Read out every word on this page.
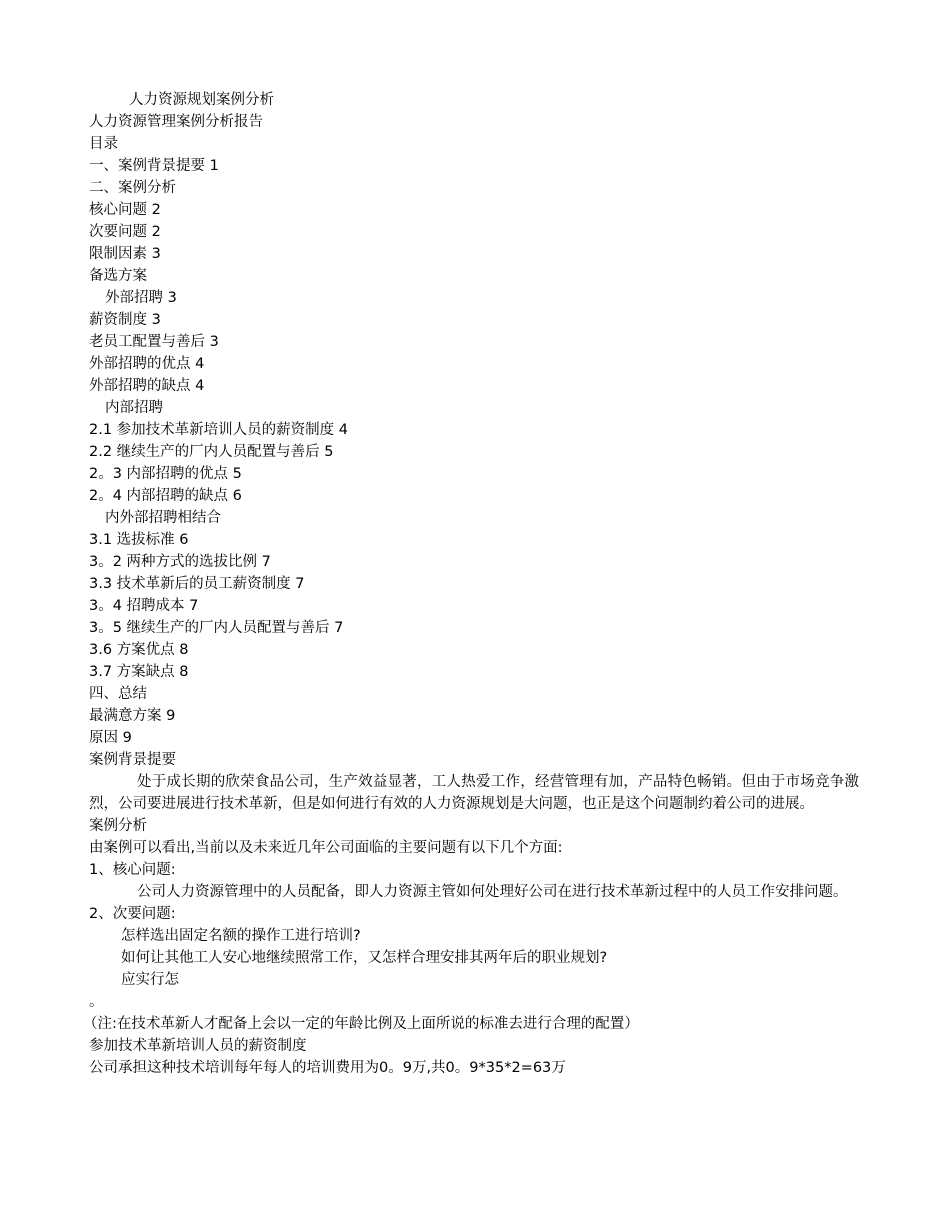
人力资源规划案例分析
人力资源管理案例分析报告
目录
一、案例背景提要 1
二、案例分析
核心问题 2
次要问题 2
限制因素 3
备选方案
外部招聘 3
薪资制度 3
老员工配置与善后 3
外部招聘的优点 4
外部招聘的缺点 4
内部招聘
2.1 参加技术革新培训人员的薪资制度 4
2.2 继续生产的厂内人员配置与善后 5
2。3 内部招聘的优点 5
2。4 内部招聘的缺点 6
内外部招聘相结合
3.1 选拔标准 6
3。2 两种方式的选拔比例 7
3.3 技术革新后的员工薪资制度 7
3。4 招聘成本 7
3。5 继续生产的厂内人员配置与善后 7
3.6 方案优点 8
3.7 方案缺点 8
四、总结
最满意方案 9
原因 9
案例背景提要
处于成长期的欣荣食品公司，生产效益显著，工人热爱工作，经营管理有加，产品特色畅销。但由于市场竞争激烈，公司要进展进行技术革新，但是如何进行有效的人力资源规划是大问题，也正是这个问题制约着公司的进展。
案例分析
由案例可以看出,当前以及未来近几年公司面临的主要问题有以下几个方面:
1、核心问题:
公司人力资源管理中的人员配备，即人力资源主管如何处理好公司在进行技术革新过程中的人员工作安排问题。
2、次要问题:
怎样选出固定名额的操作工进行培训?
如何让其他工人安心地继续照常工作，又怎样合理安排其两年后的职业规划?
应实行怎
。
（注:在技术革新人才配备上会以一定的年龄比例及上面所说的标准去进行合理的配置）
参加技术革新培训人员的薪资制度
公司承担这种技术培训每年每人的培训费用为0。9万,共0。9*35*2=63万
